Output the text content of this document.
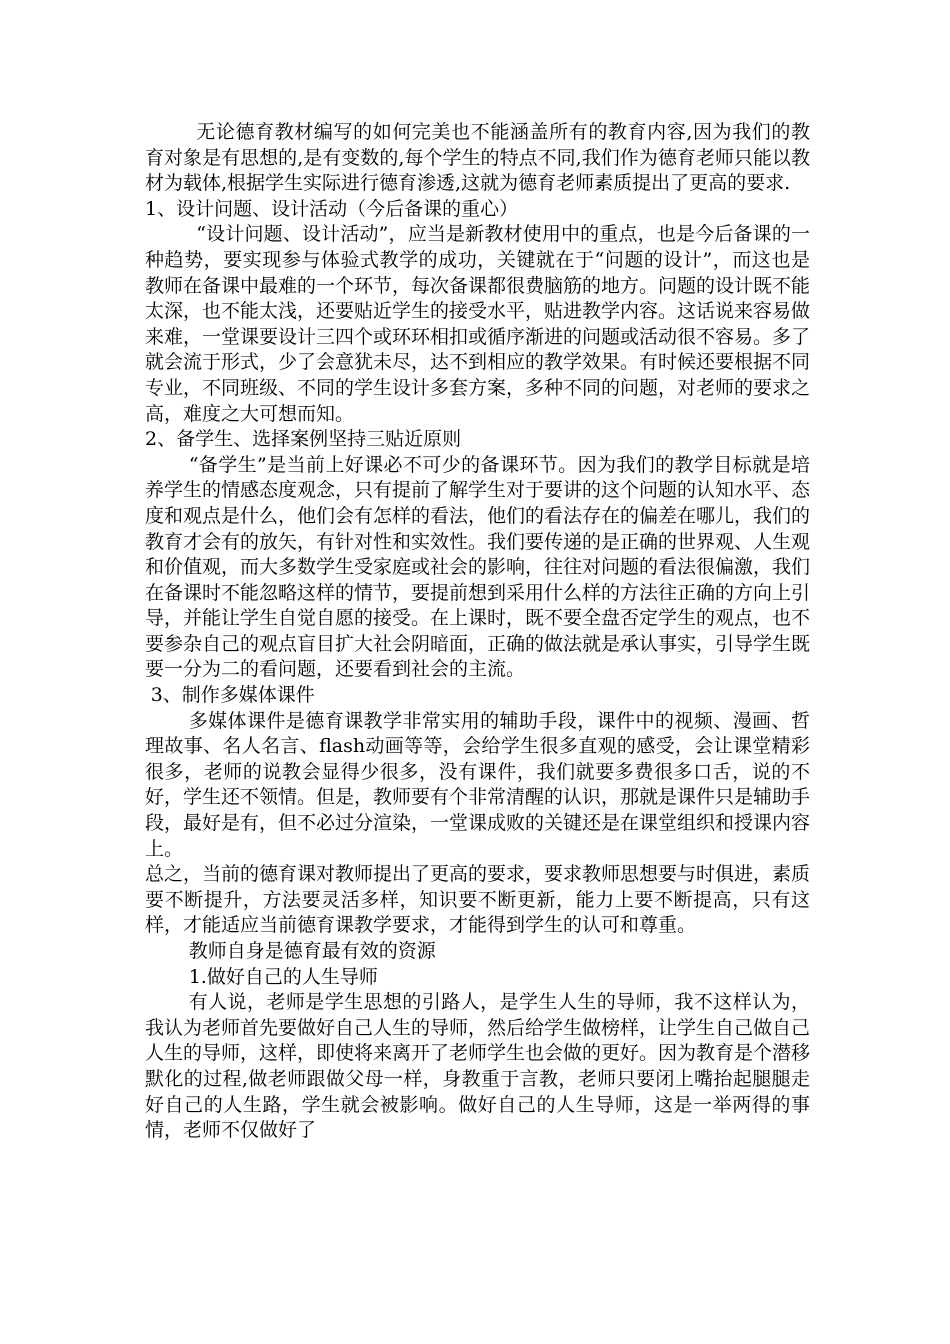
无论德育教材编写的如何完美也不能涵盖所有的教育内容,因为我们的教育对象是有思想的,是有变数的,每个学生的特点不同,我们作为德育老师只能以教材为载体,根据学生实际进行德育渗透,这就为德育老师素质提出了更高的要求.

1、设计问题、设计活动（今后备课的重心）

“设计问题、设计活动”，应当是新教材使用中的重点，也是今后备课的一种趋势，要实现参与体验式教学的成功，关键就在于“问题的设计”，而这也是教师在备课中最难的一个环节，每次备课都很费脑筋的地方。问题的设计既不能太深，也不能太浅，还要贴近学生的接受水平，贴进教学内容。这话说来容易做来难，一堂课要设计三四个或环环相扣或循序渐进的问题或活动很不容易。多了就会流于形式，少了会意犹未尽，达不到相应的教学效果。有时候还要根据不同专业，不同班级、不同的学生设计多套方案，多种不同的问题，对老师的要求之高，难度之大可想而知。

2、备学生、选择案例坚持三贴近原则

“备学生”是当前上好课必不可少的备课环节。因为我们的教学目标就是培养学生的情感态度观念，只有提前了解学生对于要讲的这个问题的认知水平、态度和观点是什么，他们会有怎样的看法，他们的看法存在的偏差在哪儿，我们的教育才会有的放矢，有针对性和实效性。我们要传递的是正确的世界观、人生观和价值观，而大多数学生受家庭或社会的影响，往往对问题的看法很偏激，我们在备课时不能忽略这样的情节，要提前想到采用什么样的方法往正确的方向上引导，并能让学生自觉自愿的接受。在上课时，既不要全盘否定学生的观点，也不要参杂自己的观点盲目扩大社会阴暗面，正确的做法就是承认事实，引导学生既要一分为二的看问题，还要看到社会的主流。

3、制作多媒体课件

多媒体课件是德育课教学非常实用的辅助手段，课件中的视频、漫画、哲理故事、名人名言、flash动画等等，会给学生很多直观的感受，会让课堂精彩很多，老师的说教会显得少很多，没有课件，我们就要多费很多口舌，说的不好，学生还不领情。但是，教师要有个非常清醒的认识，那就是课件只是辅助手段，最好是有，但不必过分渲染，一堂课成败的关键还是在课堂组织和授课内容上。

总之，当前的德育课对教师提出了更高的要求，要求教师思想要与时俱进，素质要不断提升，方法要灵活多样，知识要不断更新，能力上要不断提高，只有这样，才能适应当前德育课教学要求，才能得到学生的认可和尊重。

教师自身是德育最有效的资源

1.做好自己的人生导师

有人说，老师是学生思想的引路人，是学生人生的导师，我不这样认为，我认为老师首先要做好自己人生的导师，然后给学生做榜样，让学生自己做自己人生的导师，这样，即使将来离开了老师学生也会做的更好。因为教育是个潜移默化的过程,做老师跟做父母一样，身教重于言教，老师只要闭上嘴抬起腿腿走好自己的人生路，学生就会被影响。做好自己的人生导师，这是一举两得的事情，老师不仅做好了
